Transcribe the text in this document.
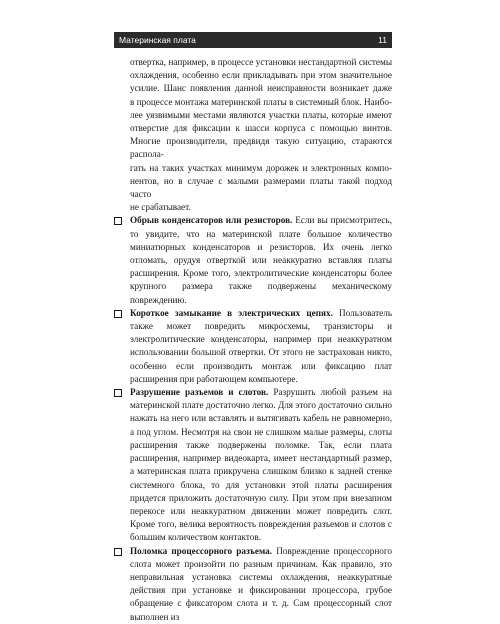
Материнская плата	11
отвертка, например, в процессе установки нестандартной системы
охлаждения, особенно если прикладывать при этом значительное
усилие. Шанс появления данной неисправности возникает даже
в процессе монтажа материнской платы в системный блок. Наибо-
лее уязвимыми местами являются участки платы, которые имеют
отверстие для фиксации к шасси корпуса с помощью винтов.
Многие производители, предвидя такую ситуацию, стараются распола-
гать на таких участках минимум дорожек и электронных компо-
нентов, но в случае с малыми размерами платы такой подход часто
не срабатывает.

Обрыв конденсаторов или резисторов. Если вы присмотритесь, то увидите, что на материнской плате большое количество миниатюрных конденсаторов и резисторов. Их очень легко отломать, орудуя отверткой или неаккуратно вставляя платы расширения. Кроме того, электролитические конденсаторы более крупного размера также подвержены механическому повреждению.

Короткое замыкание в электрических цепях. Пользователь также может повредить микросхемы, транзисторы и электролитические конденсаторы, например при неаккуратном использовании большой отвертки. От этого не застрахован никто, особенно если производить монтаж или фиксацию плат расширения при работающем компьютере.

Разрушение разъемов и слотов. Разрушить любой разъем на материнской плате достаточно легко. Для этого достаточно сильно нажать на него или вставлять и вытягивать кабель не равномерно, а под углом. Несмотря на свои не слишком малые размеры, слоты расширения также подвержены поломке. Так, если плата расширения, например видеокарта, имеет нестандартный размер, а материнская плата прикручена слишком близко к задней стенке системного блока, то для установки этой платы расширения придется приложить достаточную силу. При этом при внезапном перекосе или неаккуратном движении может повредить слот. Кроме того, велика вероятность повреждения разъемов и слотов с большим количеством контактов.

Поломка процессорного разъема. Повреждение процессорного слота может произойти по разным причинам. Как правило, это неправильная установка системы охлаждения, неаккуратные действия при установке и фиксировании процессора, грубое обращение с фиксатором слота и т. д. Сам процессорный слот выполнен из
